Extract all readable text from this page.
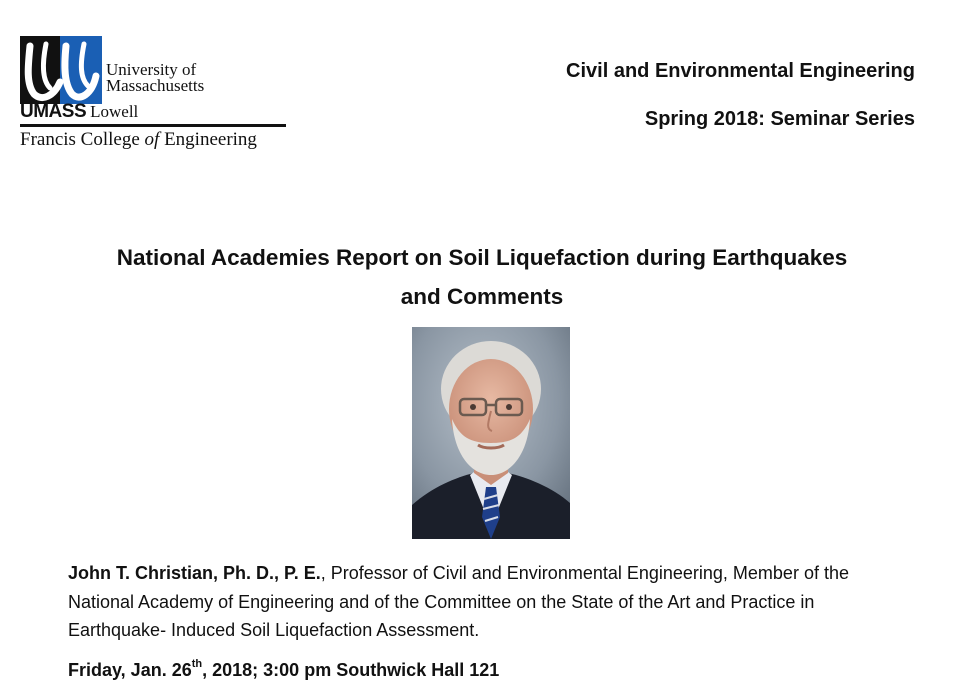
University of
Massachusetts
UMASS Lowell
Francis College of Engineering
Civil and Environmental Engineering
Spring 2018: Seminar Series
National Academies Report on Soil Liquefaction during Earthquakes
and Comments
John T. Christian, Ph. D., P. E., Professor of Civil and Environmental Engineering, Member of the
National Academy of Engineering and of the Committee on the State of the Art and Practice in
Earthquake- Induced Soil Liquefaction Assessment.
Friday, Jan. 26th, 2018; 3:00 pm Southwick Hall 121
